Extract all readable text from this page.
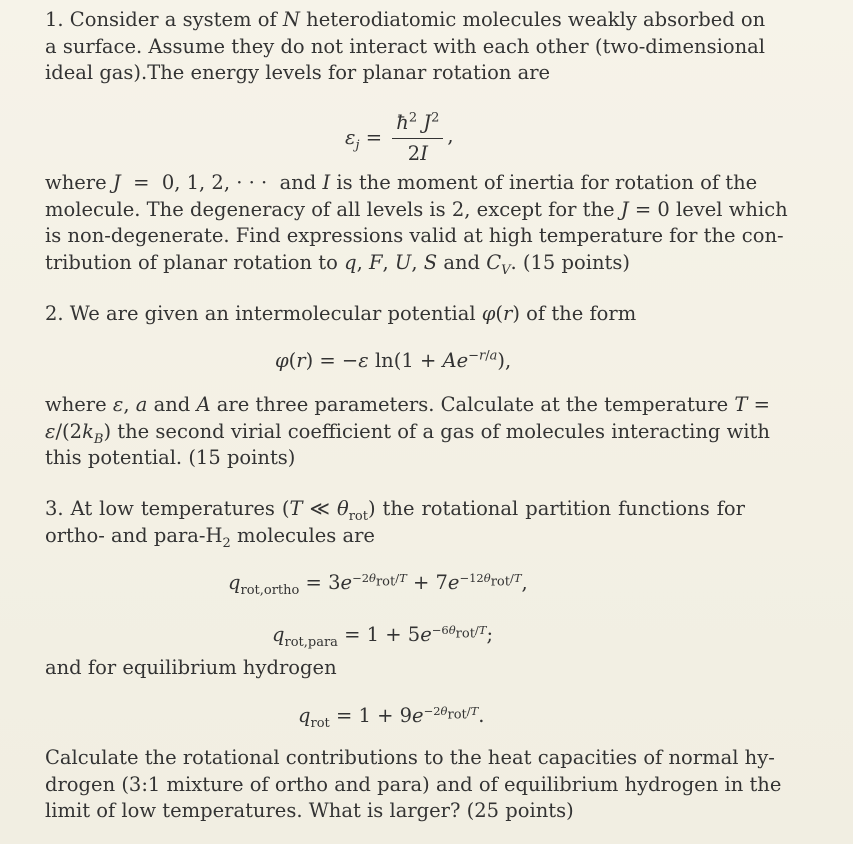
1. Consider a system of N heterodiatomic molecules weakly absorbed on
a surface. Assume they do not interact with each other (two-dimensional
ideal gas).The energy levels for planar rotation are
$\varepsilon_j = \frac{ħ^2 J^2}{2I}$ ,
where J  =  0, 1, 2, · · ·  and I is the moment of inertia for rotation of the
molecule. The degeneracy of all levels is 2, except for the J = 0 level which
is non-degenerate. Find expressions valid at high temperature for the con-
tribution of planar rotation to q, F, U, S and $C_V$. (15 points)
2. We are given an intermolecular potential φ(r) of the form
φ(r) = −ε $\ln(1 + Ae^{-r/a})$,
where ε, a and A are three parameters. Calculate at the temperature T =
$\varepsilon/(2k_B)$ the second virial coefficient of a gas of molecules interacting with
this potential. (15 points)
3. At low temperatures (T ≪ $\theta_{rot}$) the rotational partition functions for
ortho- and para-$H_2$ molecules are
$q_{rot,ortho} = 3e^{-2\theta_{rot}/T} + 7e^{-12\theta_{rot}/T}$,
$q_{rot,para} = 1 + 5e^{-6\theta_{rot}/T}$;
and for equilibrium hydrogen
$q_{rot} = 1 + 9e^{-2\theta_{rot}/T}$.
Calculate the rotational contributions to the heat capacities of normal hy-
drogen (3:1 mixture of ortho and para) and of equilibrium hydrogen in the
limit of low temperatures. What is larger? (25 points)
